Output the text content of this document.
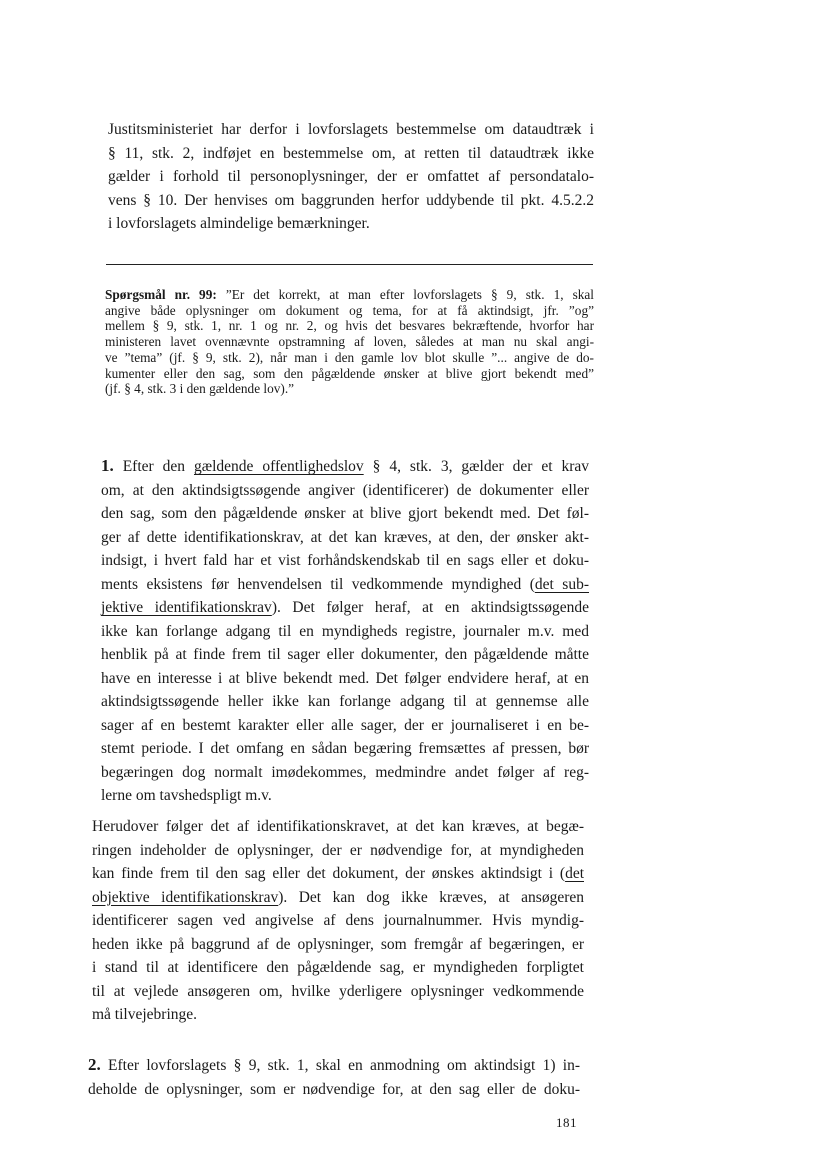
Justitsministeriet har derfor i lovforslagets bestemmelse om dataudtræk i
§ 11, stk. 2, indføjet en bestemmelse om, at retten til dataudtræk ikke
gælder i forhold til personoplysninger, der er omfattet af persondatalo-
vens § 10. Der henvises om baggrunden herfor uddybende til pkt. 4.5.2.2
i lovforslagets almindelige bemærkninger.
Spørgsmål nr. 99: ”Er det korrekt, at man efter lovforslagets § 9, stk. 1, skal
angive både oplysninger om dokument og tema, for at få aktindsigt, jfr. ”og”
mellem § 9, stk. 1, nr. 1 og nr. 2, og hvis det besvares bekræftende, hvorfor har
ministeren lavet ovennævnte opstramning af loven, således at man nu skal angi-
ve ”tema” (jf. § 9, stk. 2), når man i den gamle lov blot skulle ”... angive de do-
kumenter eller den sag, som den pågældende ønsker at blive gjort bekendt med”
(jf. § 4, stk. 3 i den gældende lov).”
1. Efter den gældende offentlighedslov § 4, stk. 3, gælder der et krav
om, at den aktindsigtssøgende angiver (identificerer) de dokumenter eller
den sag, som den pågældende ønsker at blive gjort bekendt med. Det føl-
ger af dette identifikationskrav, at det kan kræves, at den, der ønsker akt-
indsigt, i hvert fald har et vist forhåndskendskab til en sags eller et doku-
ments eksistens før henvendelsen til vedkommende myndighed (det sub-
jektive identifikationskrav). Det følger heraf, at en aktindsigtssøgende
ikke kan forlange adgang til en myndigheds registre, journaler m.v. med
henblik på at finde frem til sager eller dokumenter, den pågældende måtte
have en interesse i at blive bekendt med. Det følger endvidere heraf, at en
aktindsigtssøgende heller ikke kan forlange adgang til at gennemse alle
sager af en bestemt karakter eller alle sager, der er journaliseret i en be-
stemt periode. I det omfang en sådan begæring fremsættes af pressen, bør
begæringen dog normalt imødekommes, medmindre andet følger af reg-
lerne om tavshedspligt m.v.
Herudover følger det af identifikationskravet, at det kan kræves, at begæ-
ringen indeholder de oplysninger, der er nødvendige for, at myndigheden
kan finde frem til den sag eller det dokument, der ønskes aktindsigt i (det
objektive identifikationskrav). Det kan dog ikke kræves, at ansøgeren
identificerer sagen ved angivelse af dens journalnummer. Hvis myndig-
heden ikke på baggrund af de oplysninger, som fremgår af begæringen, er
i stand til at identificere den pågældende sag, er myndigheden forpligtet
til at vejlede ansøgeren om, hvilke yderligere oplysninger vedkommende
må tilvejebringe.
2. Efter lovforslagets § 9, stk. 1, skal en anmodning om aktindsigt 1) in-
deholde de oplysninger, som er nødvendige for, at den sag eller de doku-
181
